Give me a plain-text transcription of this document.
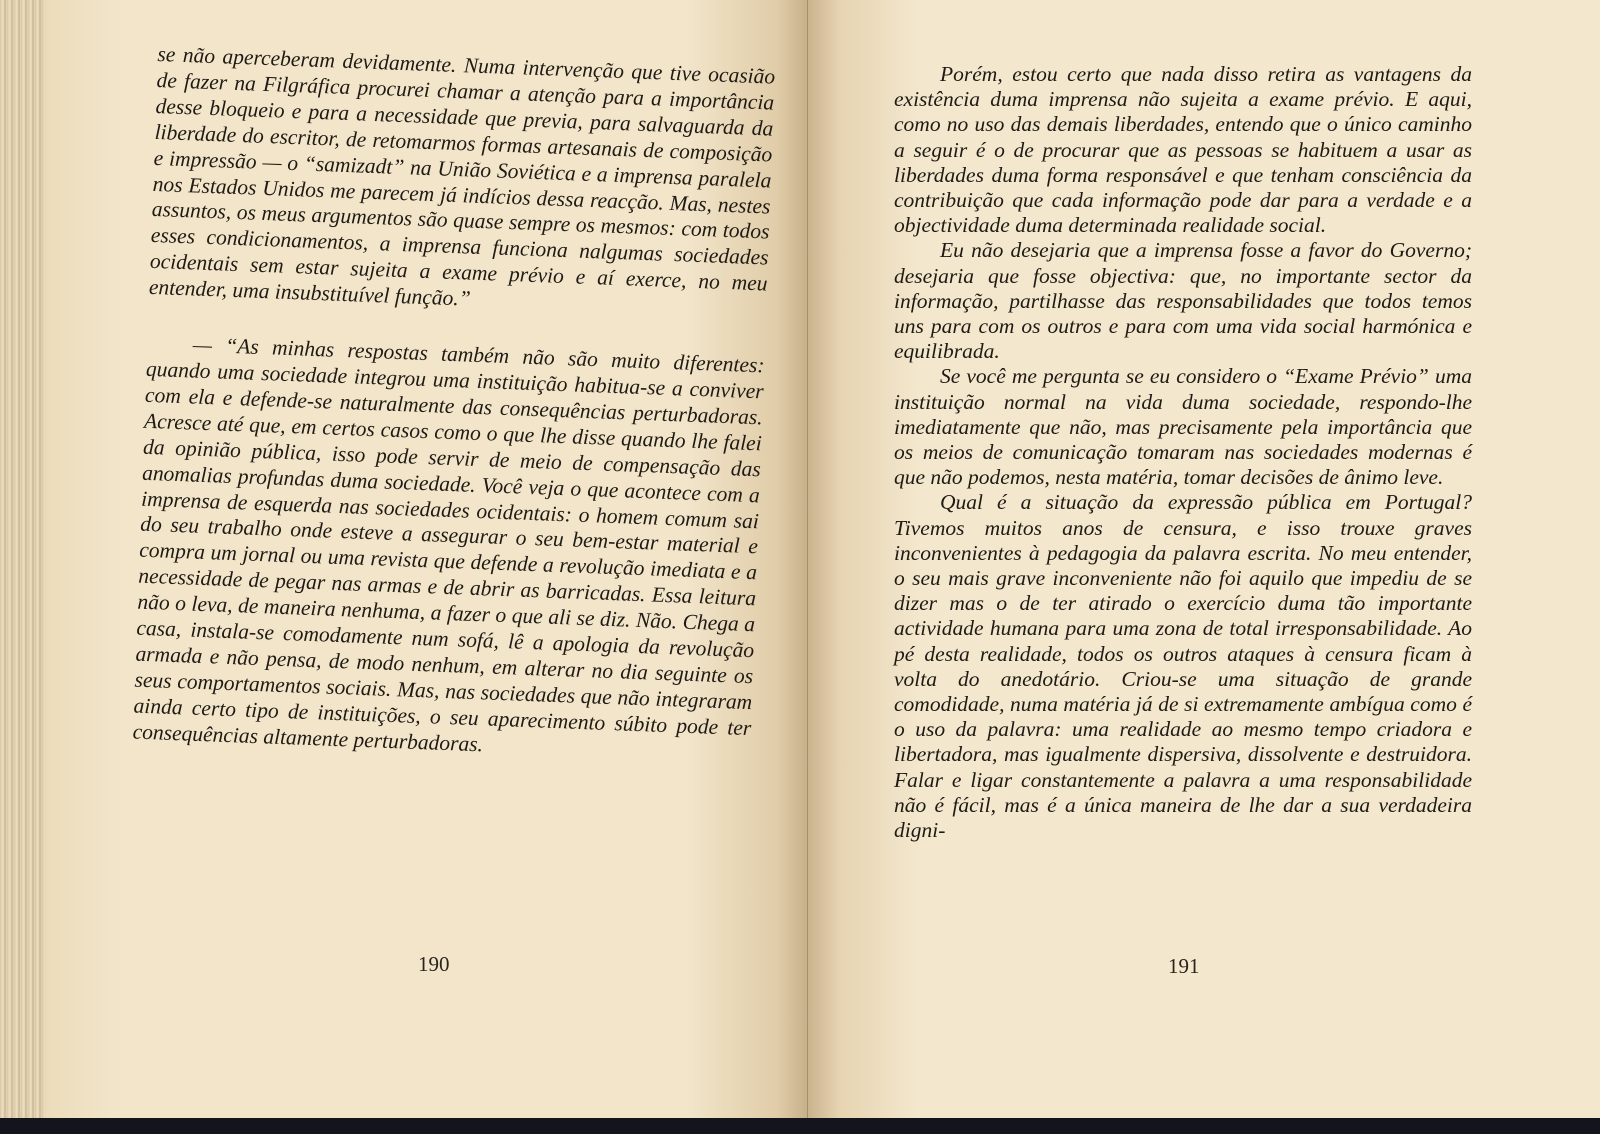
se não aperceberam devidamente. Numa intervenção que tive ocasião de fazer na Filgráfica procurei chamar a atenção para a importância desse bloqueio e para a necessidade que previa, para salvaguarda da liberdade do escritor, de retomarmos formas artesanais de composição e impressão — o “samizadt” na União Soviética e a imprensa paralela nos Estados Unidos me parecem já indícios dessa reacção. Mas, nestes assuntos, os meus argumentos são quase sempre os mesmos: com todos esses condicionamentos, a imprensa funciona nalgumas sociedades ocidentais sem estar sujeita a exame prévio e aí exerce, no meu entender, uma insubstituível função.”

— “As minhas respostas também não são muito diferentes: quando uma sociedade integrou uma instituição habitua-se a conviver com ela e defende-se naturalmente das consequências perturbadoras. Acresce até que, em certos casos como o que lhe disse quando lhe falei da opinião pública, isso pode servir de meio de compensação das anomalias profundas duma sociedade. Você veja o que acontece com a imprensa de esquerda nas sociedades ocidentais: o homem comum sai do seu trabalho onde esteve a assegurar o seu bem-estar material e compra um jornal ou uma revista que defende a revolução imediata e a necessidade de pegar nas armas e de abrir as barricadas. Essa leitura não o leva, de maneira nenhuma, a fazer o que ali se diz. Não. Chega a casa, instala-se comodamente num sofá, lê a apologia da revolução armada e não pensa, de modo nenhum, em alterar no dia seguinte os seus comportamentos sociais. Mas, nas sociedades que não integraram ainda certo tipo de instituições, o seu aparecimento súbito pode ter consequências altamente perturbadoras.

190

Porém, estou certo que nada disso retira as vantagens da existência duma imprensa não sujeita a exame prévio. E aqui, como no uso das demais liberdades, entendo que o único caminho a seguir é o de procurar que as pessoas se habituem a usar as liberdades duma forma responsável e que tenham consciência da contribuição que cada informação pode dar para a verdade e a objectividade duma determinada realidade social.

Eu não desejaria que a imprensa fosse a favor do Governo; desejaria que fosse objectiva: que, no importante sector da informação, partilhasse das responsabilidades que todos temos uns para com os outros e para com uma vida social harmónica e equilibrada.

Se você me pergunta se eu considero o “Exame Prévio” uma instituição normal na vida duma sociedade, respondo-lhe imediatamente que não, mas precisamente pela importância que os meios de comunicação tomaram nas sociedades modernas é que não podemos, nesta matéria, tomar decisões de ânimo leve.

Qual é a situação da expressão pública em Portugal? Tivemos muitos anos de censura, e isso trouxe graves inconvenientes à pedagogia da palavra escrita. No meu entender, o seu mais grave inconveniente não foi aquilo que impediu de se dizer mas o de ter atirado o exercício duma tão importante actividade humana para uma zona de total irresponsabilidade. Ao pé desta realidade, todos os outros ataques à censura ficam à volta do anedotário. Criou-se uma situação de grande comodidade, numa matéria já de si extremamente ambígua como é o uso da palavra: uma realidade ao mesmo tempo criadora e libertadora, mas igualmente dispersiva, dissolvente e destruidora. Falar e ligar constantemente a palavra a uma responsabilidade não é fácil, mas é a única maneira de lhe dar a sua verdadeira digni-

191
